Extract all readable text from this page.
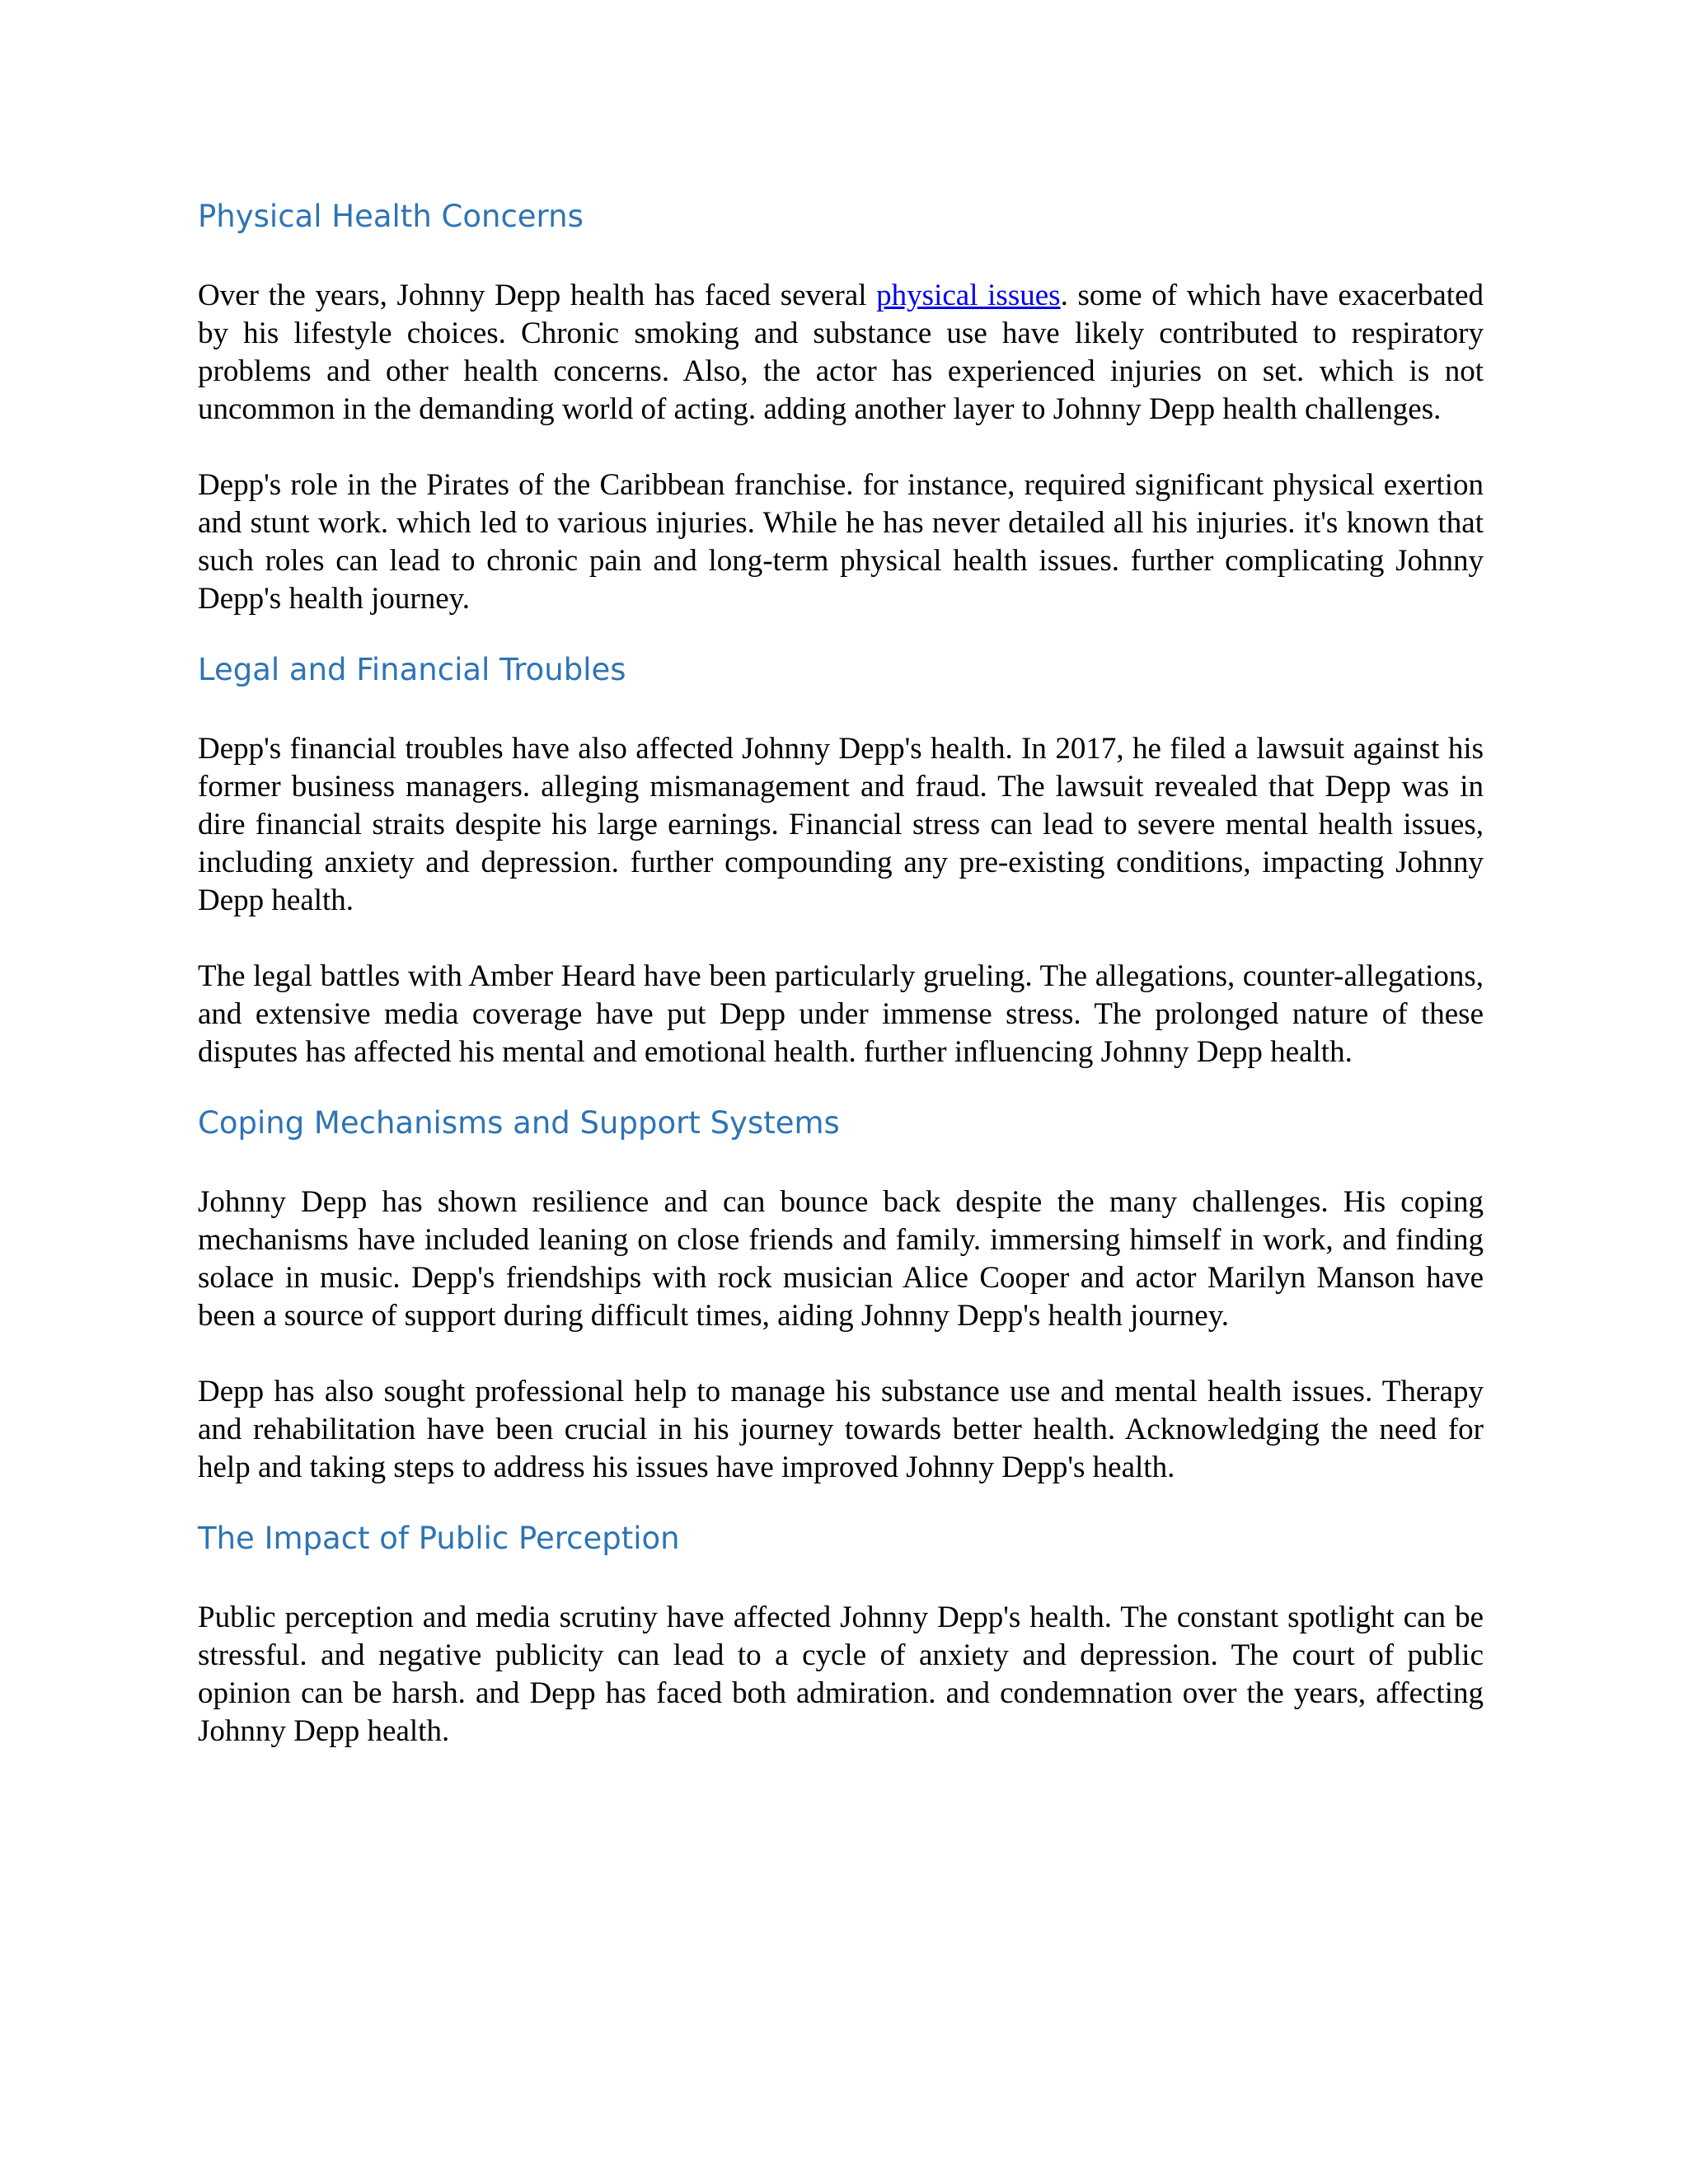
Physical Health Concerns

Over the years, Johnny Depp health has faced several physical issues. some of which have exacerbated by his lifestyle choices. Chronic smoking and substance use have likely contributed to respiratory problems and other health concerns. Also, the actor has experienced injuries on set. which is not uncommon in the demanding world of acting. adding another layer to Johnny Depp health challenges.

Depp's role in the Pirates of the Caribbean franchise. for instance, required significant physical exertion and stunt work. which led to various injuries. While he has never detailed all his injuries. it's known that such roles can lead to chronic pain and long-term physical health issues. further complicating Johnny Depp's health journey.

Legal and Financial Troubles

Depp's financial troubles have also affected Johnny Depp's health. In 2017, he filed a lawsuit against his former business managers. alleging mismanagement and fraud. The lawsuit revealed that Depp was in dire financial straits despite his large earnings. Financial stress can lead to severe mental health issues, including anxiety and depression. further compounding any pre-existing conditions, impacting Johnny Depp health.

The legal battles with Amber Heard have been particularly grueling. The allegations, counter-allegations, and extensive media coverage have put Depp under immense stress. The prolonged nature of these disputes has affected his mental and emotional health. further influencing Johnny Depp health.

Coping Mechanisms and Support Systems

Johnny Depp has shown resilience and can bounce back despite the many challenges. His coping mechanisms have included leaning on close friends and family. immersing himself in work, and finding solace in music. Depp's friendships with rock musician Alice Cooper and actor Marilyn Manson have been a source of support during difficult times, aiding Johnny Depp's health journey.

Depp has also sought professional help to manage his substance use and mental health issues. Therapy and rehabilitation have been crucial in his journey towards better health. Acknowledging the need for help and taking steps to address his issues have improved Johnny Depp's health.

The Impact of Public Perception

Public perception and media scrutiny have affected Johnny Depp's health. The constant spotlight can be stressful. and negative publicity can lead to a cycle of anxiety and depression. The court of public opinion can be harsh. and Depp has faced both admiration. and condemnation over the years, affecting Johnny Depp health.
